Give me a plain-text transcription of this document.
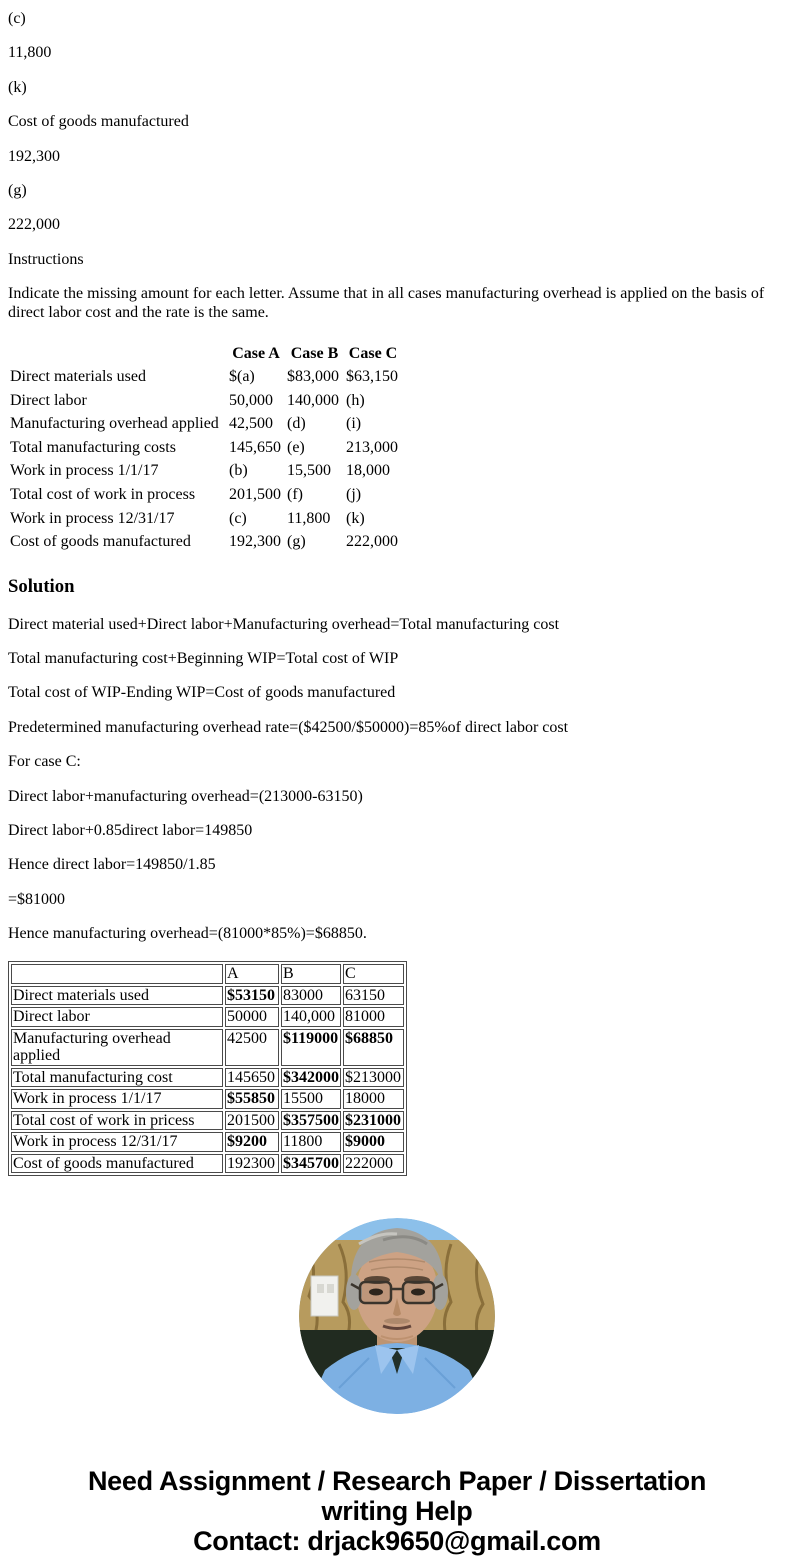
(c)

11,800

(k)

Cost of goods manufactured

192,300

(g)

222,000

Instructions

Indicate the missing amount for each letter. Assume that in all cases manufacturing overhead is applied on the basis of direct labor cost and the rate is the same.

	Case A	Case B	Case C
Direct materials used	$(a)	$83,000	$63,150
Direct labor	50,000	140,000	(h)
Manufacturing overhead applied	42,500	(d)	(i)
Total manufacturing costs	145,650	(e)	213,000
Work in process 1/1/17	(b)	15,500	18,000
Total cost of work in process	201,500	(f)	(j)
Work in process 12/31/17	(c)	11,800	(k)
Cost of goods manufactured	192,300	(g)	222,000
Solution

Direct material used+Direct labor+Manufacturing overhead=Total manufacturing cost

Total manufacturing cost+Beginning WIP=Total cost of WIP

Total cost of WIP-Ending WIP=Cost of goods manufactured

Predetermined manufacturing overhead rate=($42500/$50000)=85%of direct labor cost

For case C:

Direct labor+manufacturing overhead=(213000-63150)

Direct labor+0.85direct labor=149850

Hence direct labor=149850/1.85

=$81000

Hence manufacturing overhead=(81000*85%)=$68850.

	A	B	C
Direct materials used	$53150	83000	63150
Direct labor	50000	140,000	81000
Manufacturing overhead applied	42500	$119000	$68850
Total manufacturing cost	145650	$342000	$213000
Work in process 1/1/17	$55850	15500	18000
Total cost of work in pricess	201500	$357500	$231000
Work in process 12/31/17	$9200	11800	$9000
Cost of goods manufactured	192300	$345700	222000
Need Assignment / Research Paper / Dissertation
writing Help
Contact: drjack9650@gmail.com
